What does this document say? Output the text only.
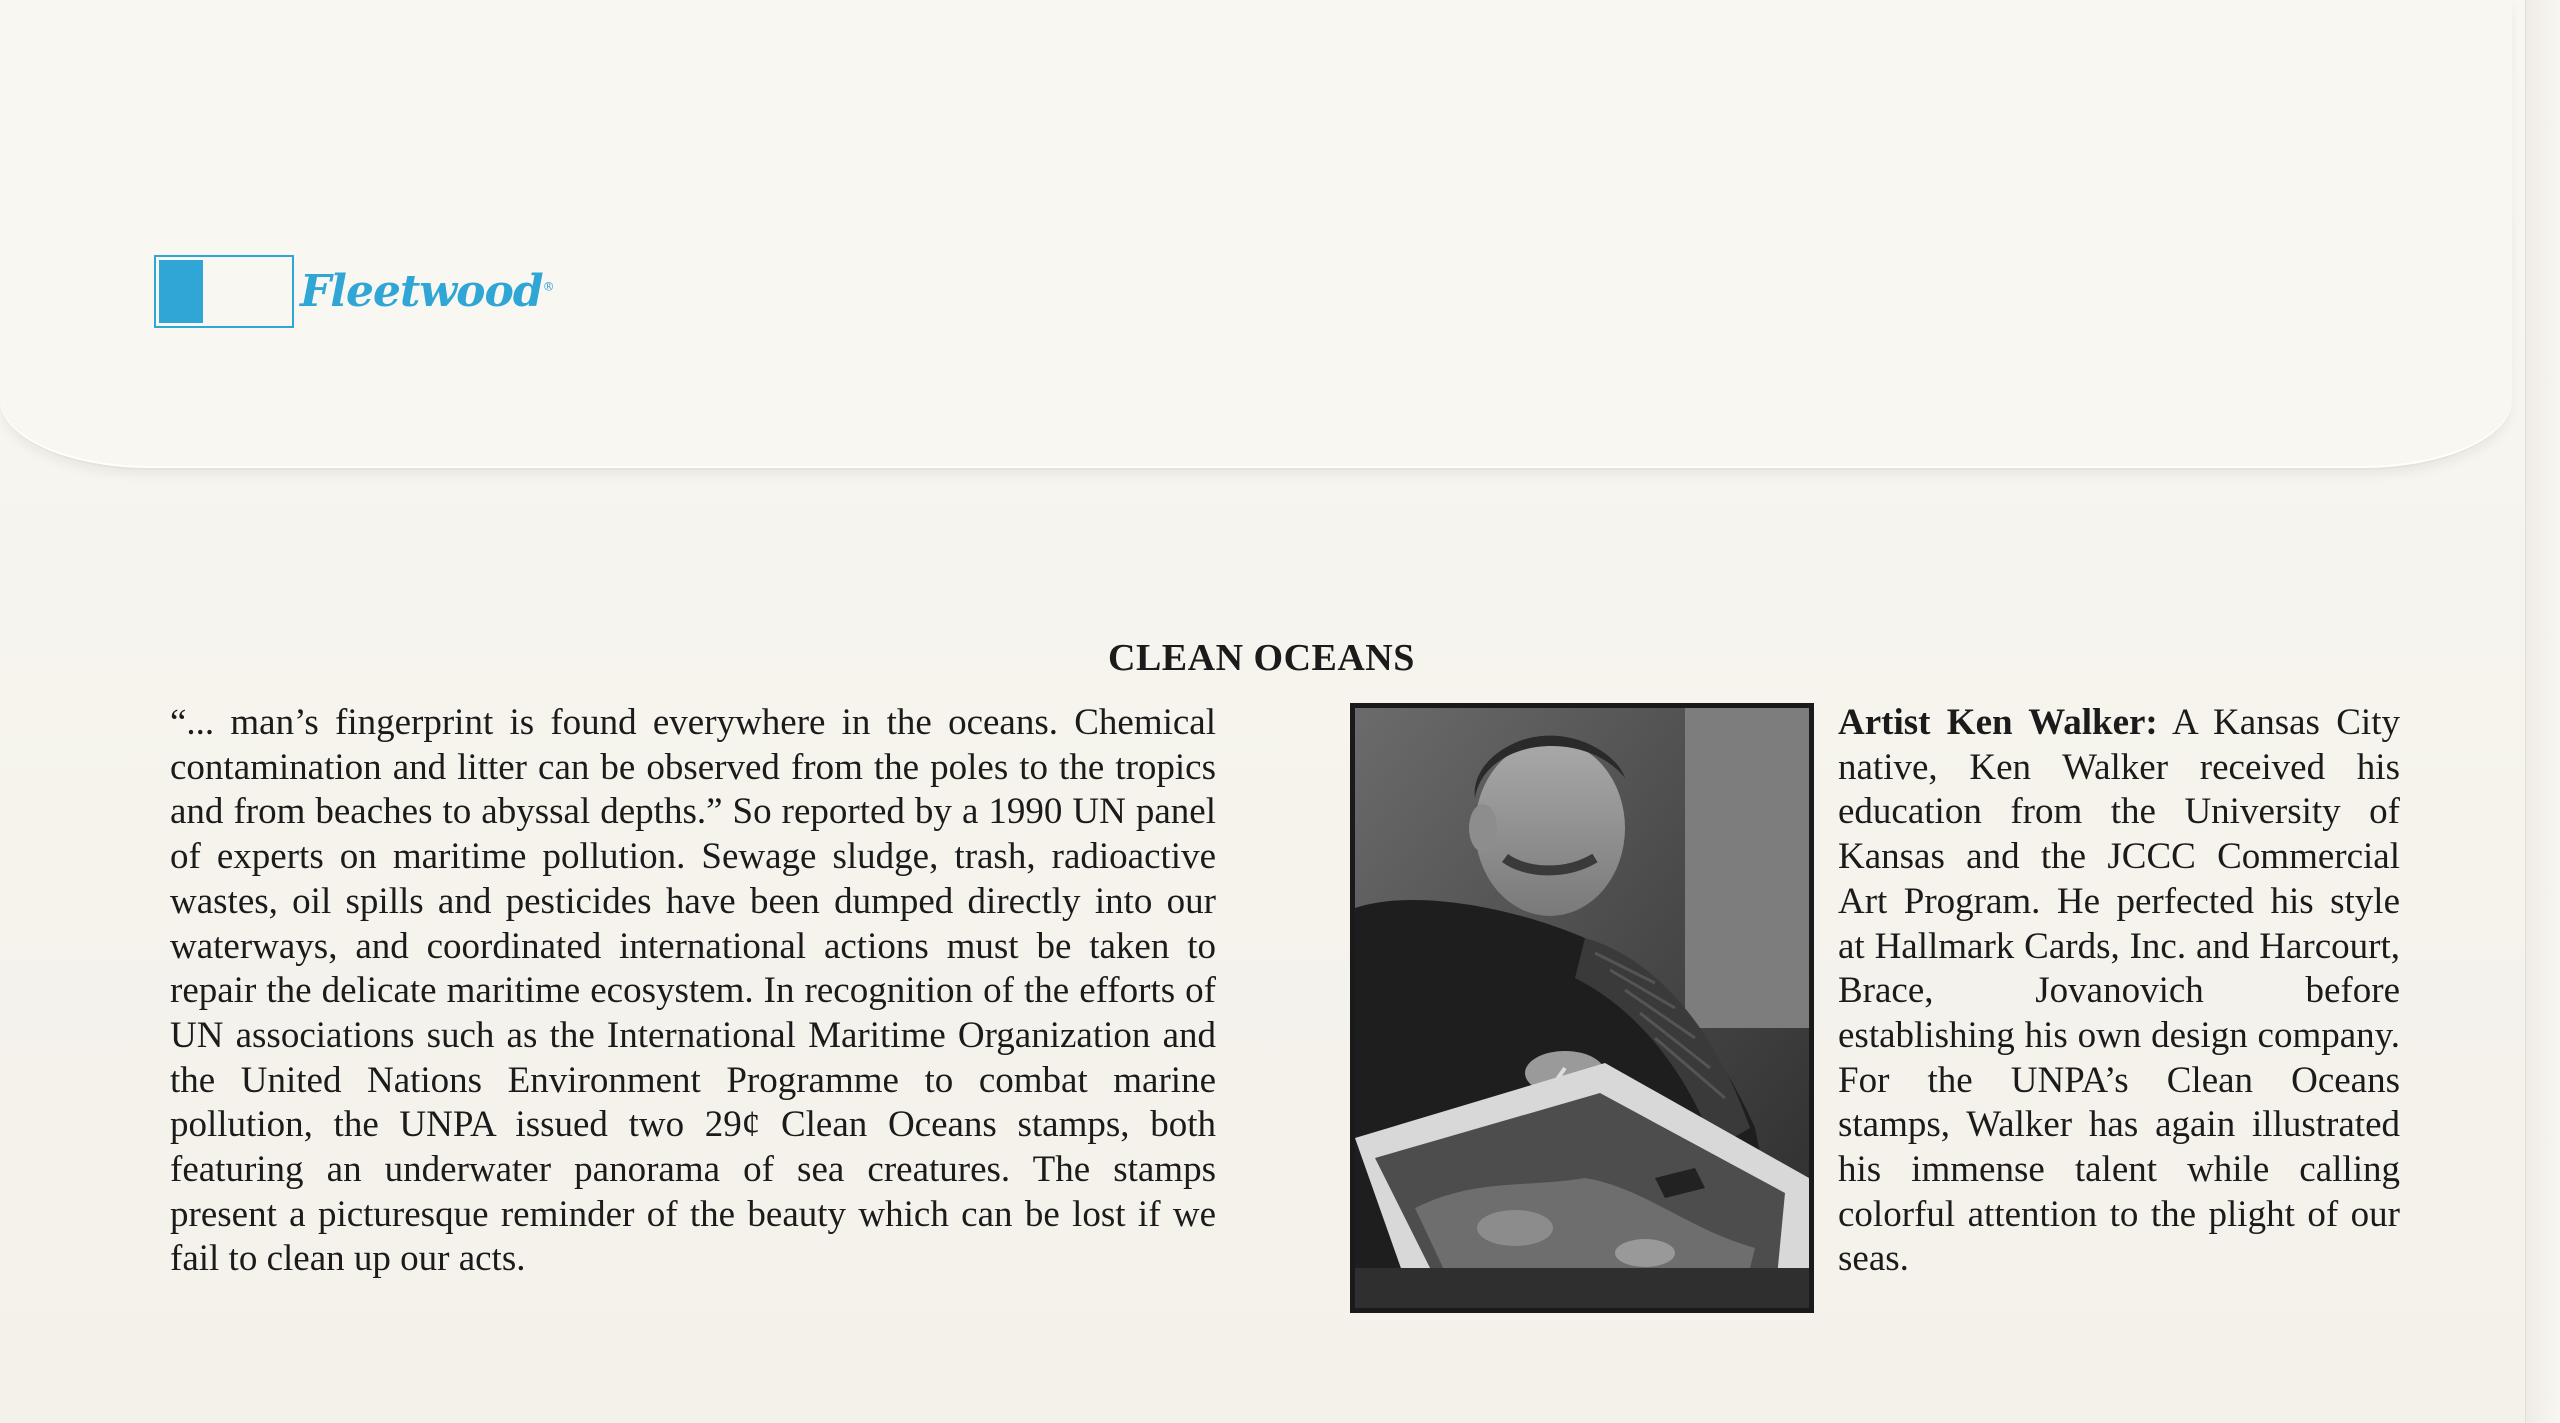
Fleetwood®
CLEAN OCEANS
“... man’s fingerprint is found everywhere in the oceans. Chemical contamination and litter can be observed from the poles to the tropics and from beaches to abyssal depths.” So reported by a 1990 UN panel of experts on maritime pollution. Sewage sludge, trash, radioactive wastes, oil spills and pesticides have been dumped directly into our waterways, and coordinated international actions must be taken to repair the delicate maritime ecosystem. In recognition of the efforts of UN associations such as the International Maritime Organization and the United Nations Environment Programme to combat marine pollution, the UNPA issued two 29¢ Clean Oceans stamps, both featuring an underwater panorama of sea creatures. The stamps present a picturesque reminder of the beauty which can be lost if we fail to clean up our acts.
Artist Ken Walker: A Kansas City native, Ken Walker received his education from the University of Kansas and the JCCC Commercial Art Program. He perfected his style at Hallmark Cards, Inc. and Harcourt, Brace, Jovanovich before establishing his own design company. For the UNPA’s Clean Oceans stamps, Walker has again illustrated his immense talent while calling colorful attention to the plight of our seas.
